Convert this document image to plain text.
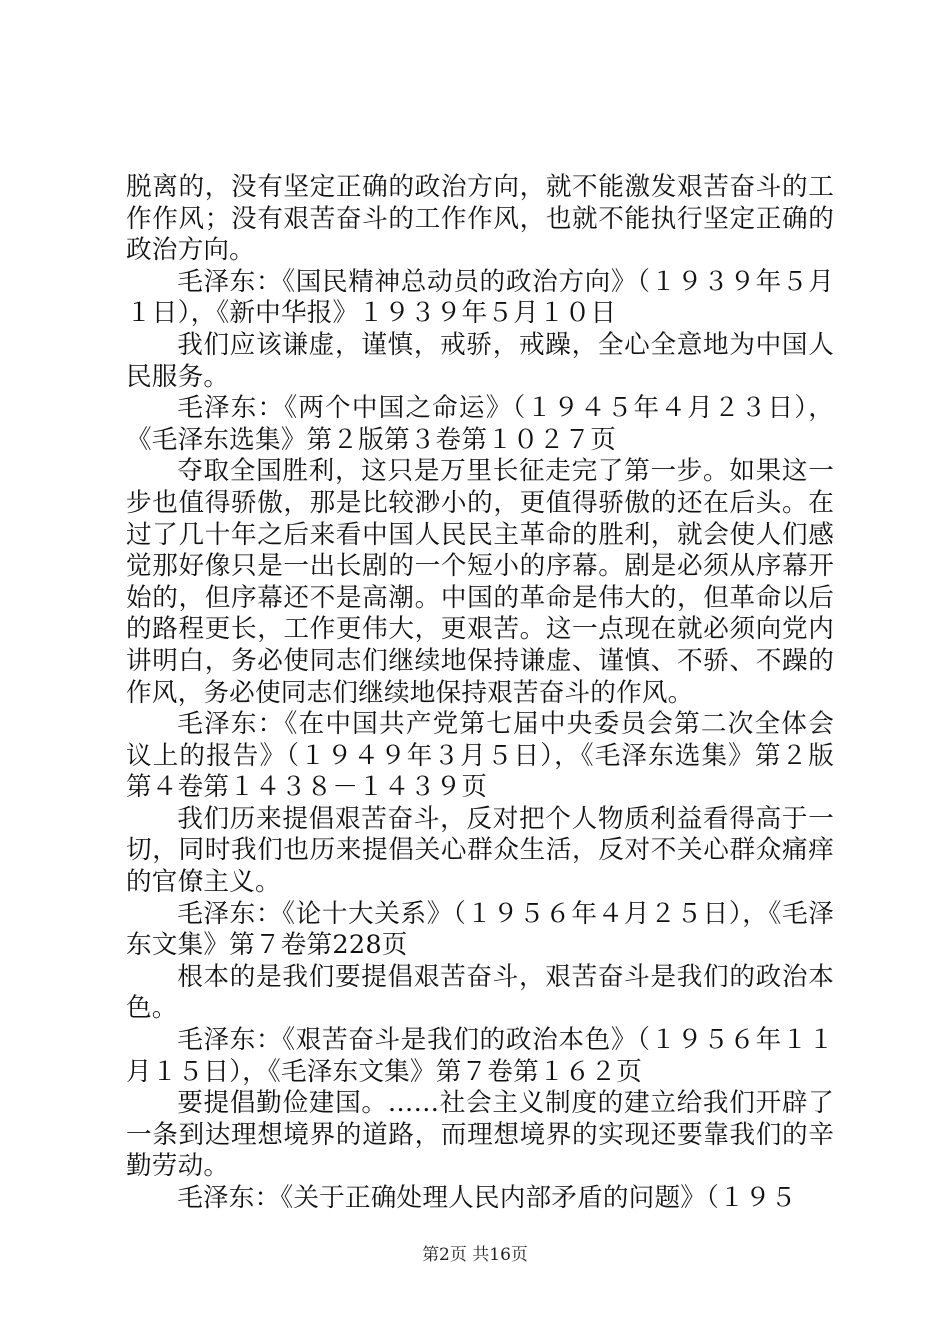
脱离的，没有坚定正确的政治方向，就不能激发艰苦奋斗的工作作风；没有艰苦奋斗的工作作风，也就不能执行坚定正确的政治方向。

毛泽东：《国民精神总动员的政治方向》（１９３９年５月１日），《新中华报》１９３９年５月１０日

我们应该谦虚，谨慎，戒骄，戒躁，全心全意地为中国人民服务。

毛泽东：《两个中国之命运》（１９４５年４月２３日），《毛泽东选集》第２版第３卷第１０２７页

夺取全国胜利，这只是万里长征走完了第一步。如果这一步也值得骄傲，那是比较渺小的，更值得骄傲的还在后头。在过了几十年之后来看中国人民民主革命的胜利，就会使人们感觉那好像只是一出长剧的一个短小的序幕。剧是必须从序幕开始的，但序幕还不是高潮。中国的革命是伟大的，但革命以后的路程更长，工作更伟大，更艰苦。这一点现在就必须向党内讲明白，务必使同志们继续地保持谦虚、谨慎、不骄、不躁的作风，务必使同志们继续地保持艰苦奋斗的作风。

毛泽东：《在中国共产党第七届中央委员会第二次全体会议上的报告》（１９４９年３月５日），《毛泽东选集》第２版第４卷第１４３８－１４３９页

我们历来提倡艰苦奋斗，反对把个人物质利益看得高于一切，同时我们也历来提倡关心群众生活，反对不关心群众痛痒的官僚主义。

毛泽东：《论十大关系》（１９５６年４月２５日），《毛泽东文集》第７卷第228页

根本的是我们要提倡艰苦奋斗，艰苦奋斗是我们的政治本色。

毛泽东：《艰苦奋斗是我们的政治本色》（１９５６年１１月１５日），《毛泽东文集》第７卷第１６２页

要提倡勤俭建国。……社会主义制度的建立给我们开辟了一条到达理想境界的道路，而理想境界的实现还要靠我们的辛勤劳动。

毛泽东：《关于正确处理人民内部矛盾的问题》（１９５

第2页 共16页
